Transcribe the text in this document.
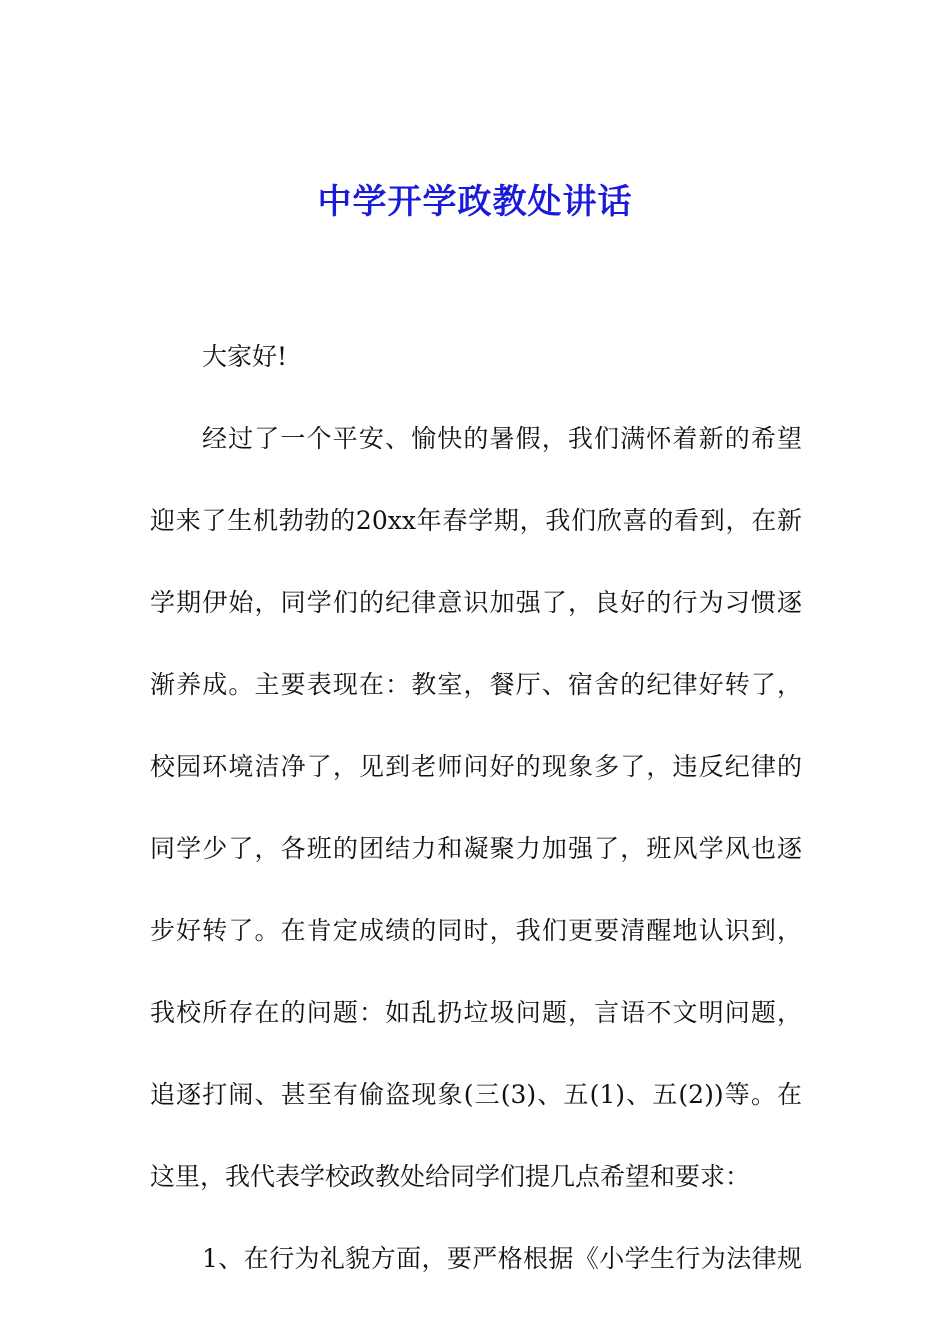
中学开学政教处讲话
大家好!
经过了一个平安、愉快的暑假，我们满怀着新的希望
迎来了生机勃勃的20xx年春学期，我们欣喜的看到，在新
学期伊始，同学们的纪律意识加强了，良好的行为习惯逐
渐养成。主要表现在：教室，餐厅、宿舍的纪律好转了，
校园环境洁净了，见到老师问好的现象多了，违反纪律的
同学少了，各班的团结力和凝聚力加强了，班风学风也逐
步好转了。在肯定成绩的同时，我们更要清醒地认识到，
我校所存在的问题：如乱扔垃圾问题，言语不文明问题，
追逐打闹、甚至有偷盗现象(三(3)、五(1)、五(2))等。在
这里，我代表学校政教处给同学们提几点希望和要求：
1、在行为礼貌方面，要严格根据《小学生行为法律规
